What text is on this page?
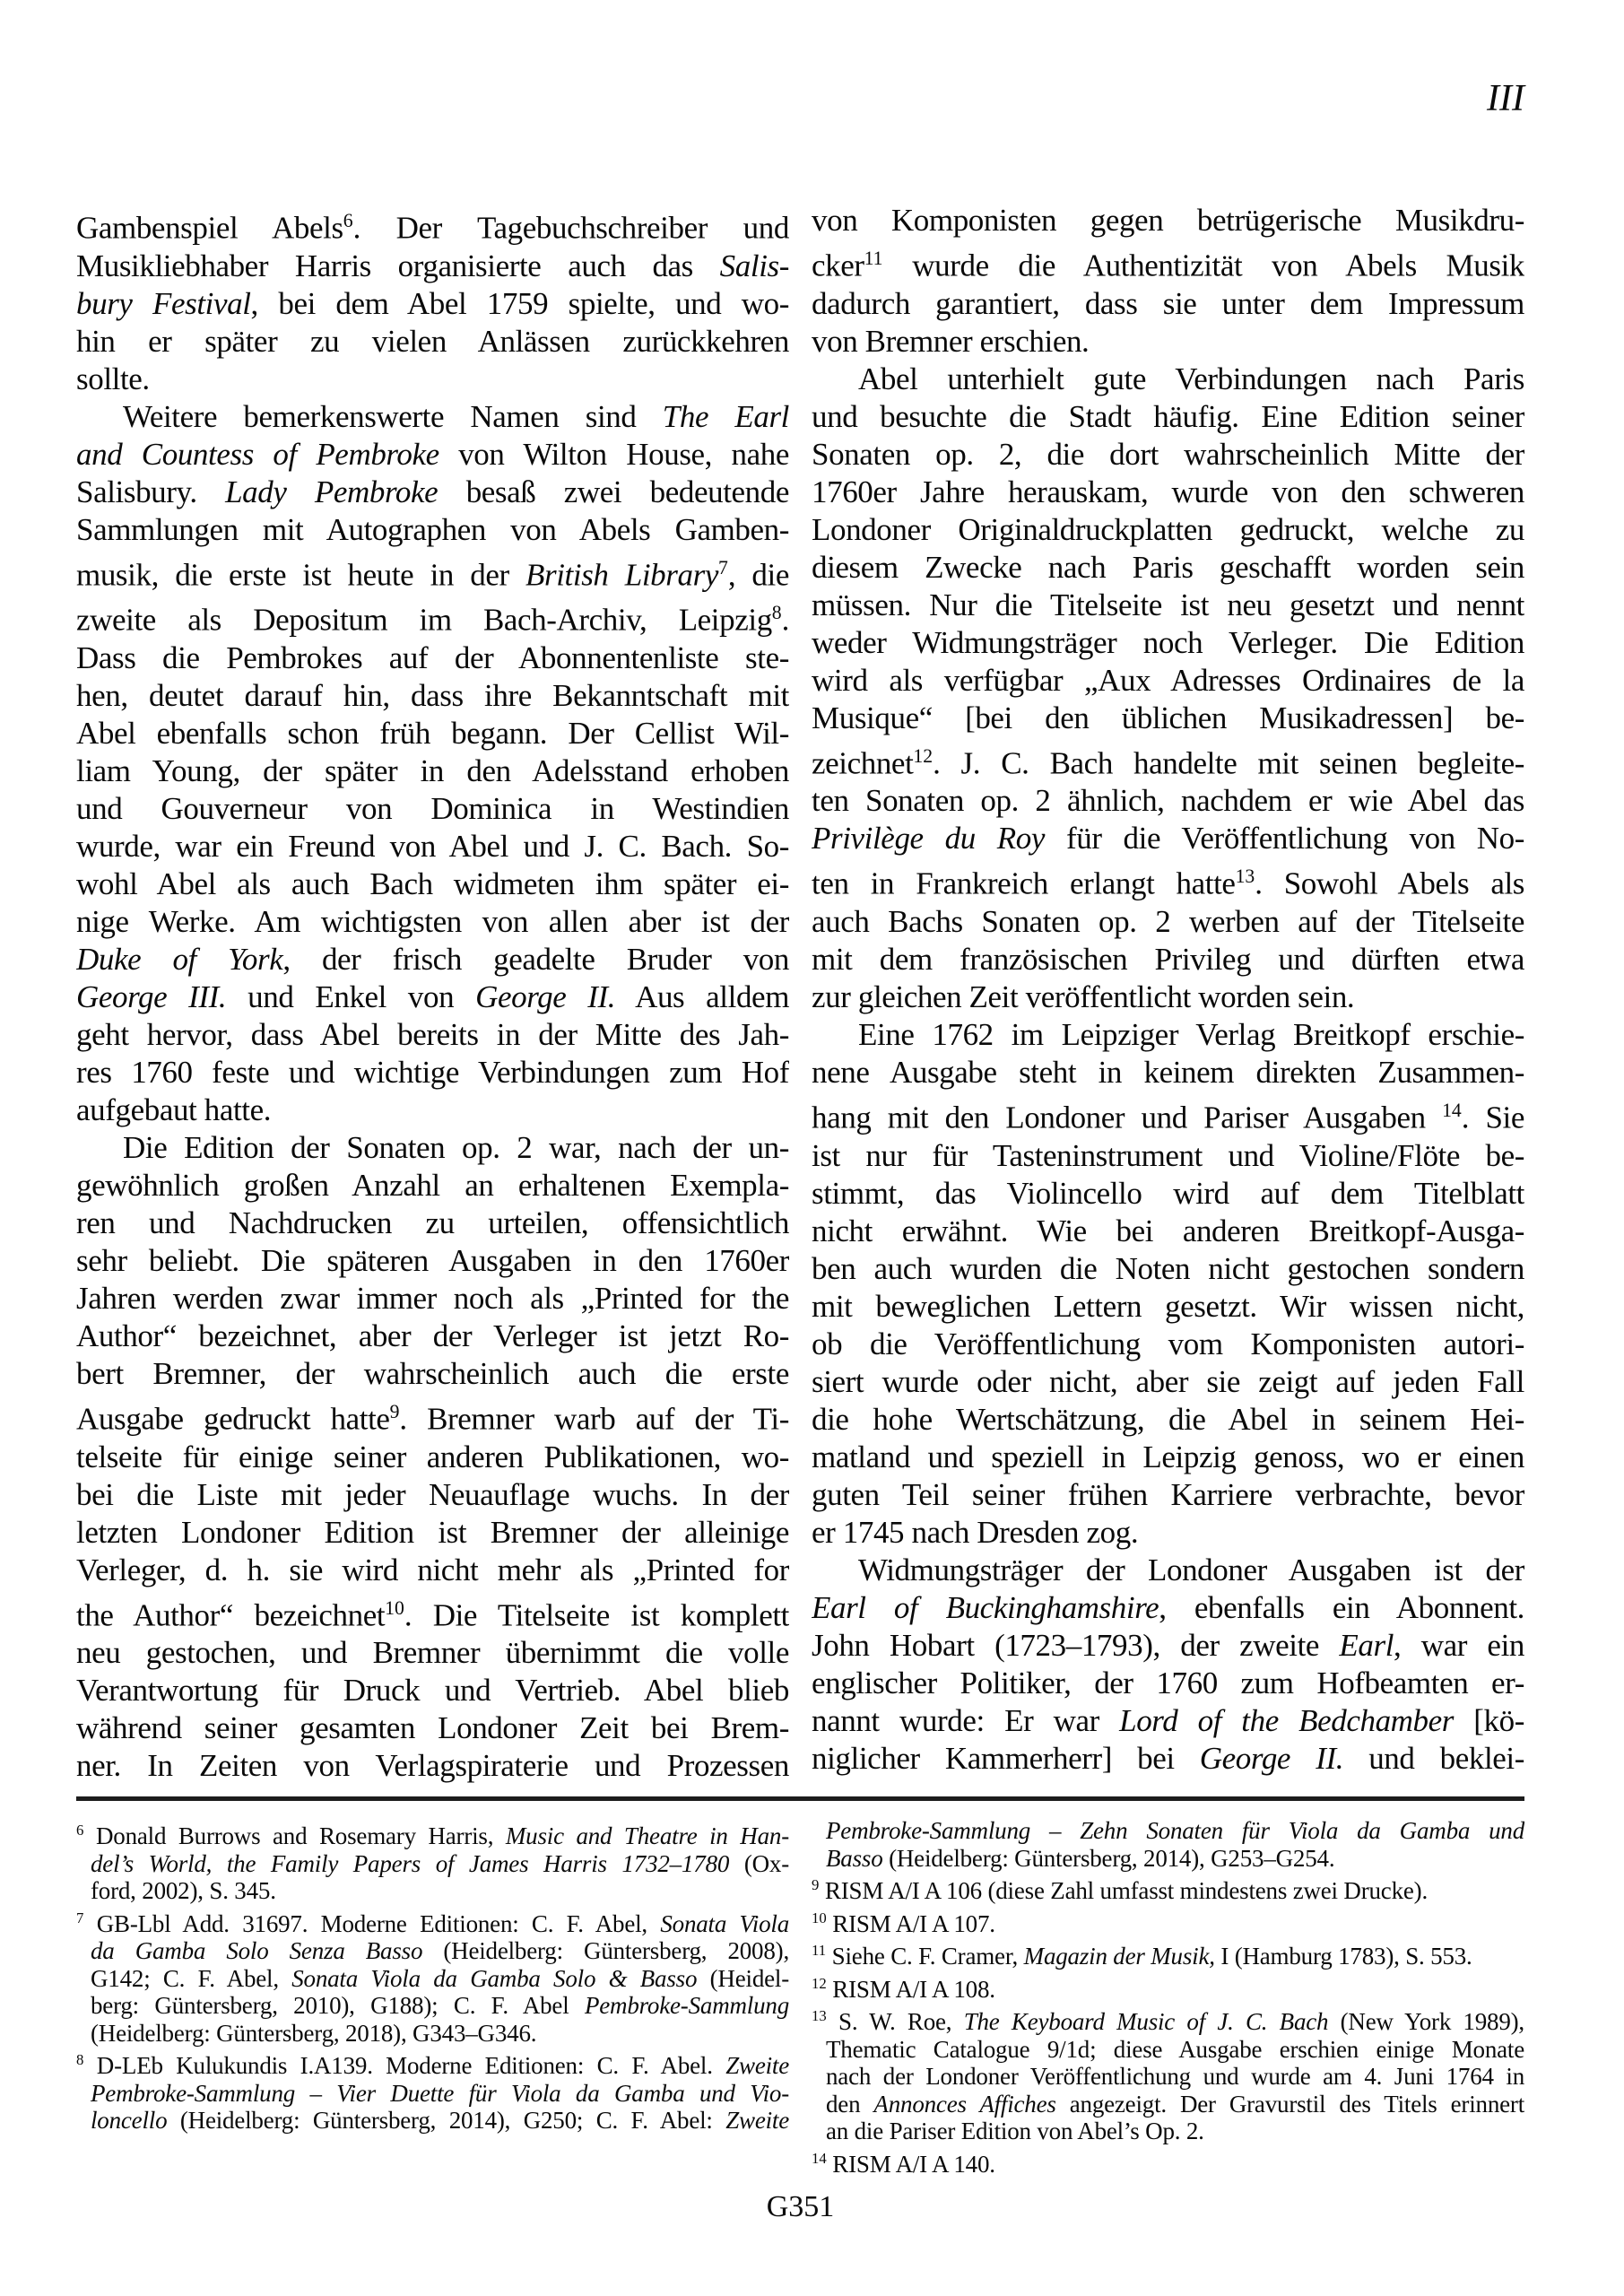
III
Gambenspiel Abels$^6$. Der Tagebuchschreiber und
Musikliebhaber Harris organisierte auch das Salis-
bury Festival, bei dem Abel 1759 spielte, und wo-
hin er später zu vielen Anlässen zurückkehren
sollte.
Weitere bemerkenswerte Namen sind The Earl
and Countess of Pembroke von Wilton House, nahe
Salisbury. Lady Pembroke besaß zwei bedeutende
Sammlungen mit Autographen von Abels Gamben-
musik, die erste ist heute in der British Library$^7$, die
zweite als Depositum im Bach-Archiv, Leipzig$^8$.
Dass die Pembrokes auf der Abonnentenliste ste-
hen, deutet darauf hin, dass ihre Bekanntschaft mit
Abel ebenfalls schon früh begann. Der Cellist Wil-
liam Young, der später in den Adelsstand erhoben
und Gouverneur von Dominica in Westindien
wurde, war ein Freund von Abel und J. C. Bach. So-
wohl Abel als auch Bach widmeten ihm später ei-
nige Werke. Am wichtigsten von allen aber ist der
Duke of York, der frisch geadelte Bruder von
George III. und Enkel von George II. Aus alldem
geht hervor, dass Abel bereits in der Mitte des Jah-
res 1760 feste und wichtige Verbindungen zum Hof
aufgebaut hatte.
Die Edition der Sonaten op. 2 war, nach der un-
gewöhnlich großen Anzahl an erhaltenen Exempla-
ren und Nachdrucken zu urteilen, offensichtlich
sehr beliebt. Die späteren Ausgaben in den 1760er
Jahren werden zwar immer noch als „Printed for the
Author“ bezeichnet, aber der Verleger ist jetzt Ro-
bert Bremner, der wahrscheinlich auch die erste
Ausgabe gedruckt hatte$^9$. Bremner warb auf der Ti-
telseite für einige seiner anderen Publikationen, wo-
bei die Liste mit jeder Neuauflage wuchs. In der
letzten Londoner Edition ist Bremner der alleinige
Verleger, d. h. sie wird nicht mehr als „Printed for
the Author“ bezeichnet$^{10}$. Die Titelseite ist komplett
neu gestochen, und Bremner übernimmt die volle
Verantwortung für Druck und Vertrieb. Abel blieb
während seiner gesamten Londoner Zeit bei Brem-
ner. In Zeiten von Verlagspiraterie und Prozessen
von Komponisten gegen betrügerische Musikdru-
cker$^{11}$ wurde die Authentizität von Abels Musik
dadurch garantiert, dass sie unter dem Impressum
von Bremner erschien.
Abel unterhielt gute Verbindungen nach Paris
und besuchte die Stadt häufig. Eine Edition seiner
Sonaten op. 2, die dort wahrscheinlich Mitte der
1760er Jahre herauskam, wurde von den schweren
Londoner Originaldruckplatten gedruckt, welche zu
diesem Zwecke nach Paris geschafft worden sein
müssen. Nur die Titelseite ist neu gesetzt und nennt
weder Widmungsträger noch Verleger. Die Edition
wird als verfügbar „Aux Adresses Ordinaires de la
Musique“ [bei den üblichen Musikadressen] be-
zeichnet$^{12}$. J. C. Bach handelte mit seinen begleite-
ten Sonaten op. 2 ähnlich, nachdem er wie Abel das
Privilège du Roy für die Veröffentlichung von No-
ten in Frankreich erlangt hatte$^{13}$. Sowohl Abels als
auch Bachs Sonaten op. 2 werben auf der Titelseite
mit dem französischen Privileg und dürften etwa
zur gleichen Zeit veröffentlicht worden sein.
Eine 1762 im Leipziger Verlag Breitkopf erschie-
nene Ausgabe steht in keinem direkten Zusammen-
hang mit den Londoner und Pariser Ausgaben $^{14}$. Sie
ist nur für Tasteninstrument und Violine/Flöte be-
stimmt, das Violincello wird auf dem Titelblatt
nicht erwähnt. Wie bei anderen Breitkopf-Ausga-
ben auch wurden die Noten nicht gestochen sondern
mit beweglichen Lettern gesetzt. Wir wissen nicht,
ob die Veröffentlichung vom Komponisten autori-
siert wurde oder nicht, aber sie zeigt auf jeden Fall
die hohe Wertschätzung, die Abel in seinem Hei-
matland und speziell in Leipzig genoss, wo er einen
guten Teil seiner frühen Karriere verbrachte, bevor
er 1745 nach Dresden zog.
Widmungsträger der Londoner Ausgaben ist der
Earl of Buckinghamshire, ebenfalls ein Abonnent.
John Hobart (1723–1793), der zweite Earl, war ein
englischer Politiker, der 1760 zum Hofbeamten er-
nannt wurde: Er war Lord of the Bedchamber [kö-
niglicher Kammerherr] bei George II. und beklei-
$^6$ Donald Burrows and Rosemary Harris, Music and Theatre in Han-
del’s World, the Family Papers of James Harris 1732–1780 (Ox-
ford, 2002), S. 345.
$^7$ GB-Lbl Add. 31697. Moderne Editionen: C. F. Abel, Sonata Viola
da Gamba Solo Senza Basso (Heidelberg: Güntersberg, 2008),
G142; C. F. Abel, Sonata Viola da Gamba Solo & Basso (Heidel-
berg: Güntersberg, 2010), G188); C. F. Abel Pembroke-Sammlung
(Heidelberg: Güntersberg, 2018), G343–G346.
$^8$ D-LEb Kulukundis I.A139. Moderne Editionen: C. F. Abel. Zweite
Pembroke-Sammlung – Vier Duette für Viola da Gamba und Vio-
loncello (Heidelberg: Güntersberg, 2014), G250; C. F. Abel: Zweite
Pembroke-Sammlung – Zehn Sonaten für Viola da Gamba und
Basso (Heidelberg: Güntersberg, 2014), G253–G254.
$^9$ RISM A/I A 106 (diese Zahl umfasst mindestens zwei Drucke).
$^{10}$ RISM A/I A 107.
$^{11}$ Siehe C. F. Cramer, Magazin der Musik, I (Hamburg 1783), S. 553.
$^{12}$ RISM A/I A 108.
$^{13}$ S. W. Roe, The Keyboard Music of J. C. Bach (New York 1989),
Thematic Catalogue 9/1d; diese Ausgabe erschien einige Monate
nach der Londoner Veröffentlichung und wurde am 4. Juni 1764 in
den Annonces Affiches angezeigt. Der Gravurstil des Titels erinnert
an die Pariser Edition von Abel’s Op. 2.
$^{14}$ RISM A/I A 140.
G351
